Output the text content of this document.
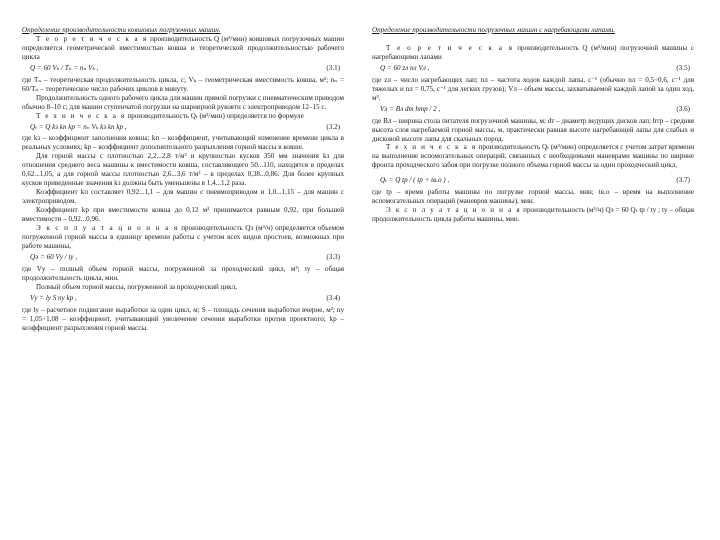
Определение производительности ковшовых погрузочных машин.

Т е о р е т и ч е с к а я производительность Q (м³/мин) ковшовых погрузочных машин определяется геометрической вместимостью ковша и теоретической продолжительностью рабочего цикла

Q = 60 Vₖ / Tₙ = nₙ Vₖ ,	(3.1)

где Tₙ – теоретическая продолжительность цикла, с; Vₖ – геометрическая вместимость ковша, м³; nₙ = 60/Tₙ – теоретическое число рабочих циклов в минуту.

Продолжительность одного рабочего цикла для машин прямой погрузки с пневматическим приводом обычно 8–10 с; для машин ступенчатой погрузки на шарнирной рукояти с электроприводом 12–15 с.

Т е х н и ч е с к а я производительность Qₜ (м³/мин) определяется по формуле

Qₜ = Q kз kп kр = nₙ Vₖ kз kп kр ,	(3.2)

где kз – коэффициент заполнения ковша; kп – коэффициент, учитывающий изменение времени цикла в реальных условиях; kр – коэффициент дополнительного разрыхления горной массы в ковше.

Для горной массы с плотностью 2,2...2,8 т/м³ и крупностью кусков 350 мм значения kз для отношения среднего веса машины к вместимости ковша, составляющего 50...110, находятся в пределах 0,62...1,05, а для горной массы плотностью 2,6...3,6 т/м³ – в пределах 0,38...0,86. Для более крупных кусков приведенные значения kз должны быть уменьшены в 1,4...1,2 раза.

Коэффициент kп составляет 0,92...1,1 – для машин с пневмоприводом и 1,0...1,15 – для машин с электроприводом.

Коэффициент kр при вместимости ковша до 0,12 м³ принимается равным 0,92, при большей вместимости – 0,92...0,96.

Э к с п л у а т а ц и о н н а я производительность Qэ (м³/ч) определяется объемом погруженной горной массы в единицу времени работы с учетом всех видов простоев, возможных при работе машины,

Qэ = 60 Vу / tу ,	(3.3)

где Vу – полный объем горной массы, погруженной за проходческий цикл, м³; tу – общая продолжительность цикла, мин.

Полный объем горной массы, погруженной за проходческий цикл,

Vу = lу S nу kр ,	(3.4)

где lу – расчетное подвигание выработки за один цикл, м; S – площадь сечения выработки вчерне, м²; nу = 1,05÷1,08 – коэффициент, учитывающий увеличение сечения выработки против проектного; kр – коэффициент разрыхления горной массы.

Определение производительности погрузочных машин с нагребающими лапами.

Т е о р е т и ч е с к а я производительность Q (м³/мин) погрузочной машины с нагребающими лапами

Q = 60 zл nл Vл ,	(3.5)

где zл – число нагребающих лап; nл – частота ходов каждой лапы, с⁻¹ (обычно nл = 0,5÷0,6, с⁻¹ для тяжелых и nл = 0,75, с⁻¹ для легких грузов); Vл – объем массы, захватываемой каждой лапой за один ход, м³.

Vл = Bл dт hтр / 2 ,	(3.6)

где Bл – ширина стола питателя погрузочной машины, м; dт – диаметр ведущих дисков лап; hтр – средняя высота слоя нагребаемой горной массы, м, практически равная высоте нагребающей лапы для слабых и дисковой высоте лапы для скальных пород.

Т е х н и ч е с к а я производительность Qₜ (м³/мин) определяется с учетом затрат времени на выполнение вспомогательных операций, связанных с необходимыми маневрами машины по ширине фронта проходческого забоя при погрузке полного объема горной массы за один проходческий цикл,

Qₜ = Q tр / ( tр + tв.о ) ,	(3.7)

где tр – время работы машины по погрузке горной массы, мин; tв.о – время на выполнение вспомогательных операций (маневров машины), мин.

Э к с п л у а т а ц и о н н а я производительность (м³/ч) Qэ = 60 Qₜ tр / tу ; tу – общая продолжительность цикла работы машины, мин.
